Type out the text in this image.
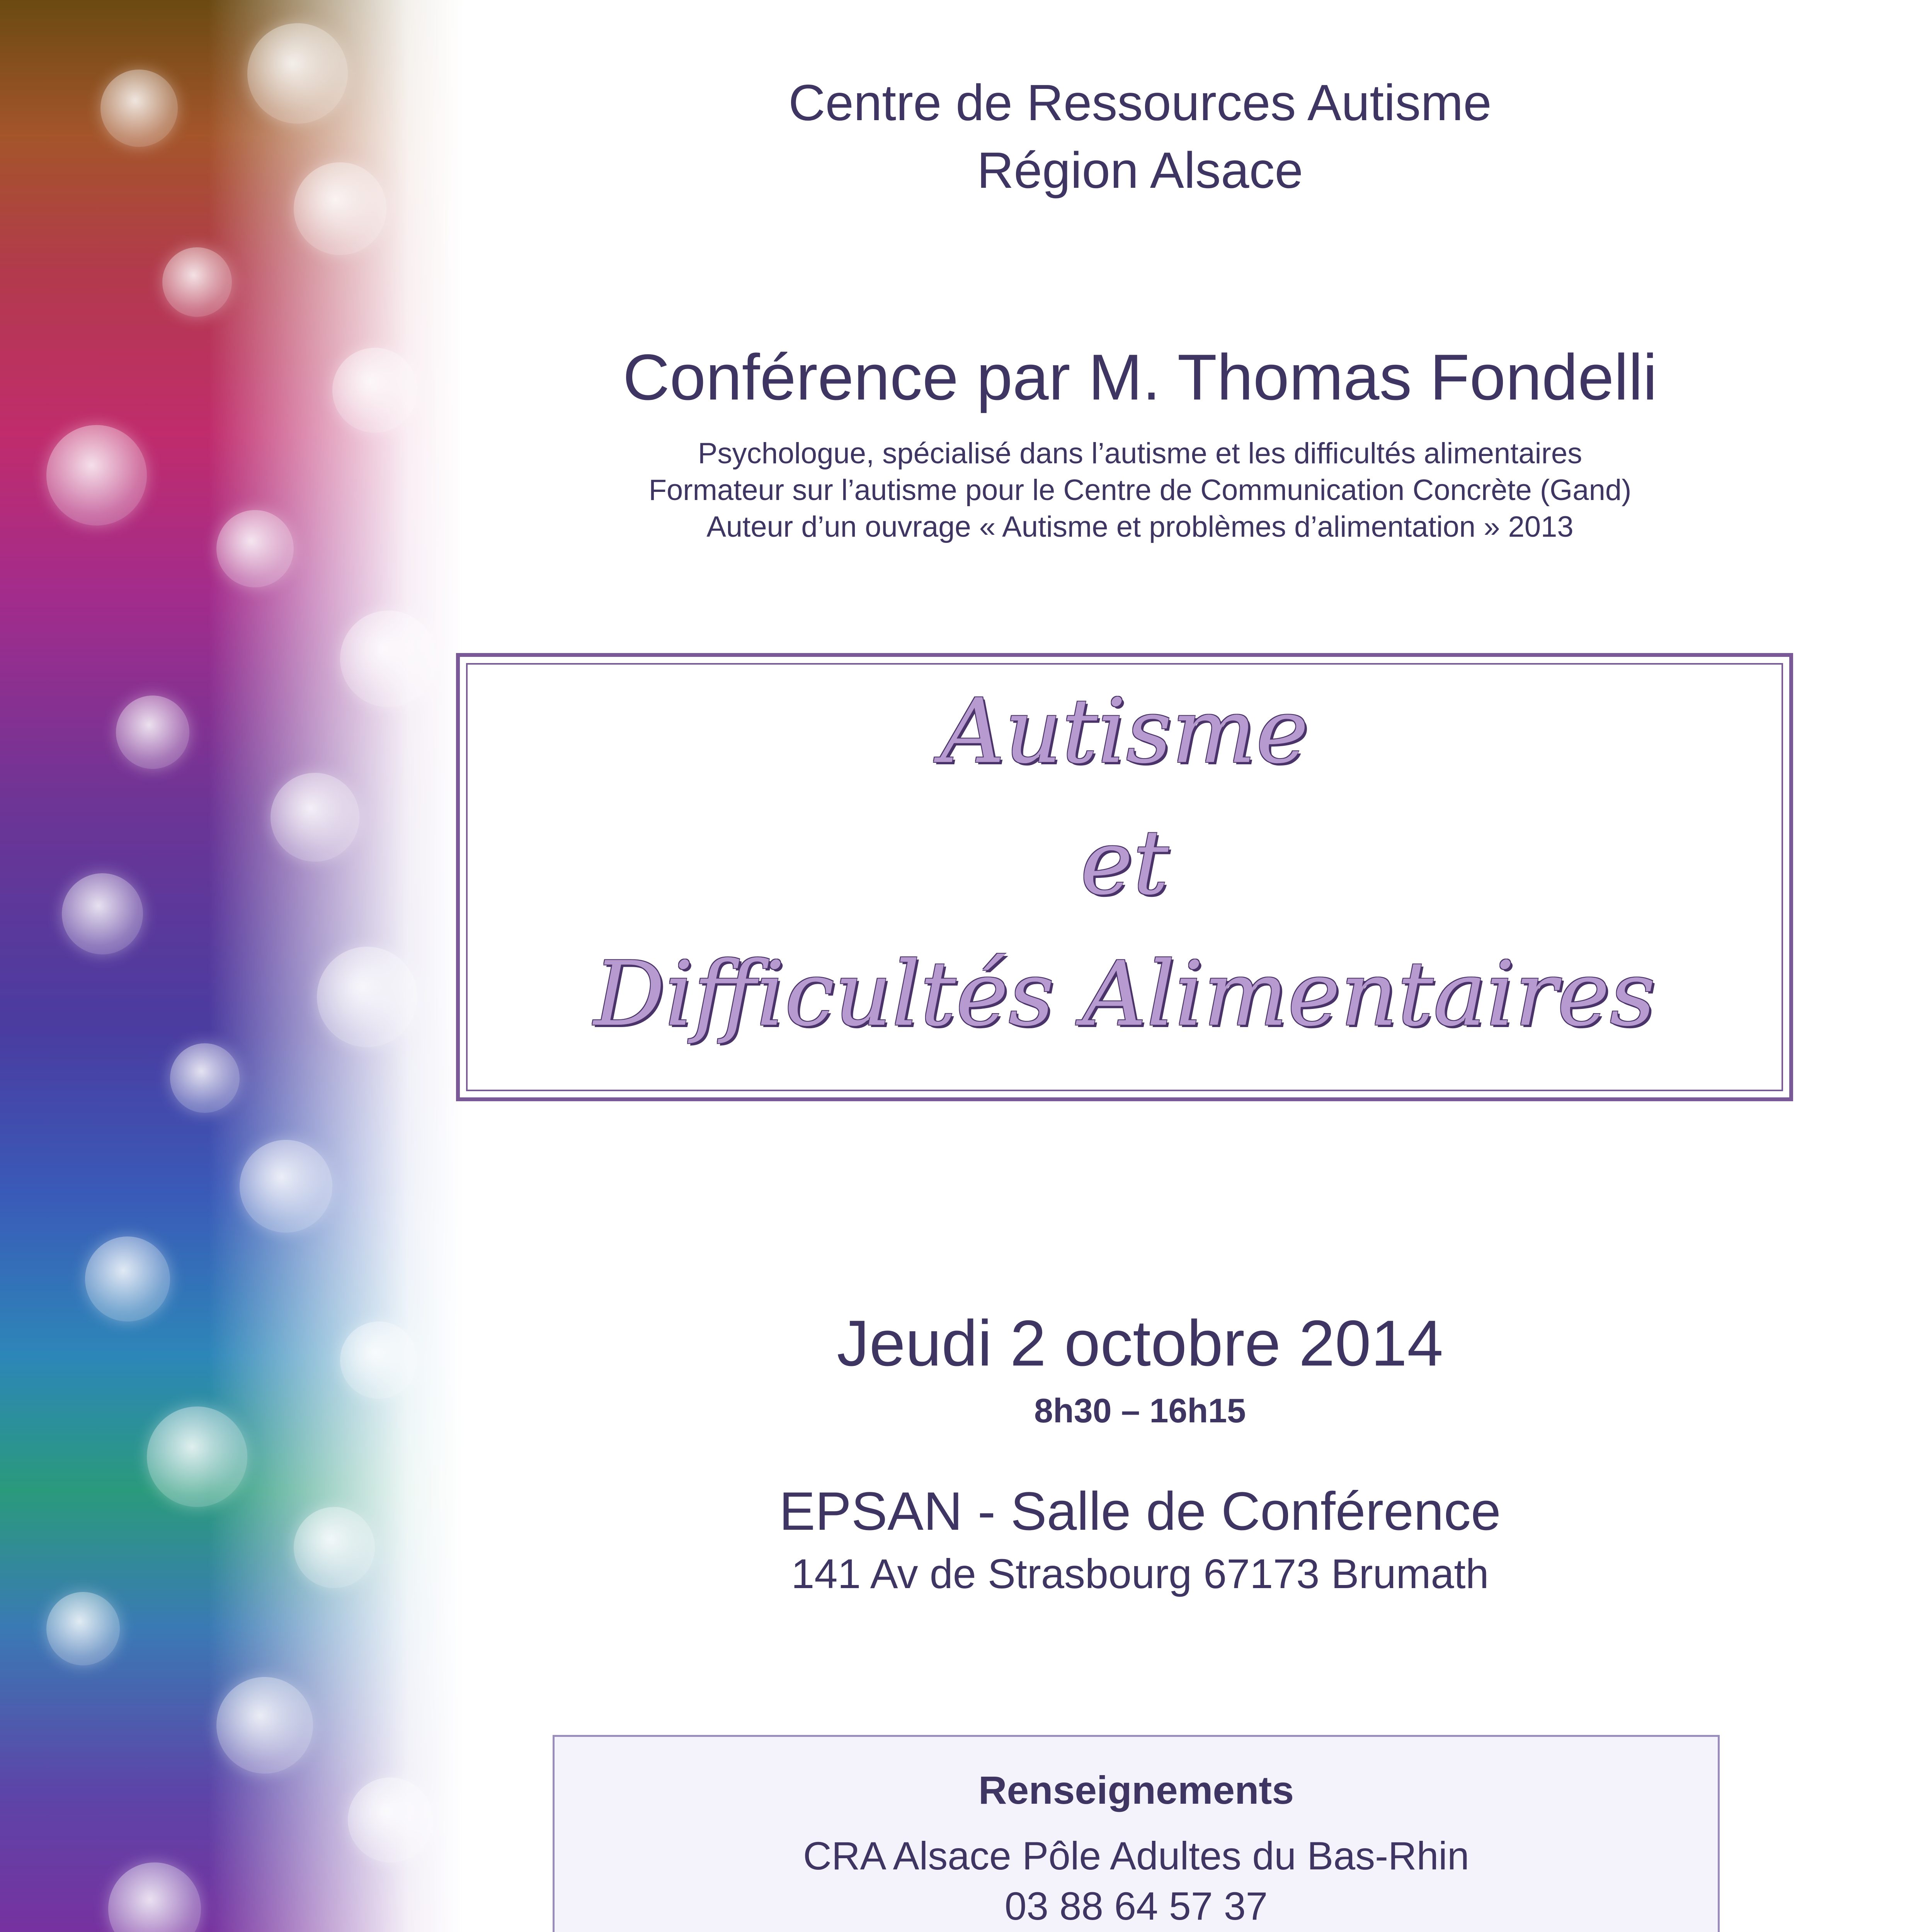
Centre de Ressources Autisme
Région Alsace
Conférence par M. Thomas Fondelli
Psychologue, spécialisé dans l’autisme et les difficultés alimentaires
Formateur sur l’autisme pour le Centre de Communication Concrète (Gand)
Auteur d’un ouvrage « Autisme et problèmes d’alimentation » 2013
Autisme
et
Difficultés Alimentaires
Jeudi 2 octobre 2014
8h30 – 16h15
EPSAN - Salle de Conférence
141 Av de Strasbourg 67173 Brumath
Renseignements
CRA Alsace Pôle Adultes du Bas-Rhin
03 88 64 57 37
